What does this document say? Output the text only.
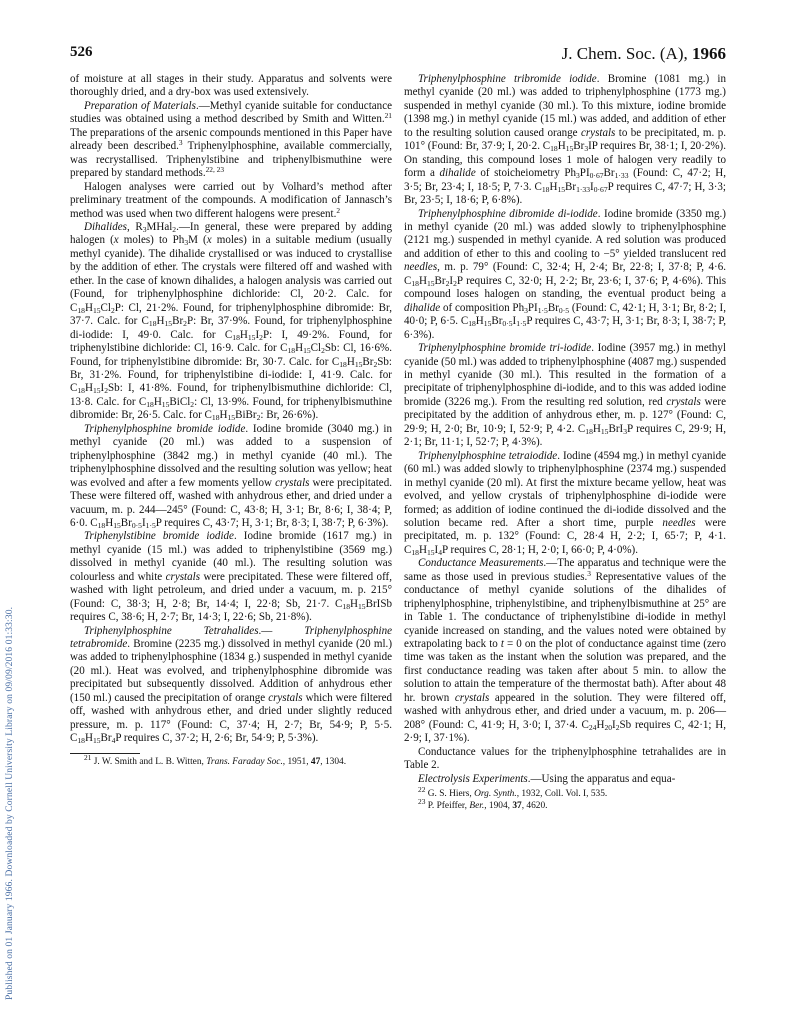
526	J. Chem. Soc. (A), 1966
Published on 01 January 1966. Downloaded by Cornell University Library on 09/09/2016 01:33:30.

of moisture at all stages in their study. Apparatus and solvents were thoroughly dried, and a dry-box was used extensively.

Preparation of Materials.—Methyl cyanide suitable for conductance studies was obtained using a method described by Smith and Witten.$^{21}$ The preparations of the arsenic compounds mentioned in this Paper have already been described.$^3$ Triphenylphosphine, available commercially, was recrystallised. Triphenylstibine and triphenylbismuthine were prepared by standard methods.$^{22, 23}$

Halogen analyses were carried out by Volhard’s method after preliminary treatment of the compounds. A modification of Jannasch’s method was used when two different halogens were present.$^2$

Dihalides, $R_3MHal_2.—In$ general, these were prepared by adding halogen (x moles) to $Ph_3M$ (x moles) in a suitable medium (usually methyl cyanide). The dihalide crystallised or was induced to crystallise by the addition of ether. The crystals were filtered off and washed with ether. In the case of known dihalides, a halogen analysis was carried out (Found, for triphenylphosphine dichloride: Cl, 20·2. Calc. for $C_{18}H_{15}Cl_2P$: Cl, 21·2%. Found, for triphenylphosphine dibromide: Br, 37·7. Calc. for $C_{18}H_{15}Br_2P$: Br, 37·9%. Found, for triphenylphosphine di-iodide: I, 49·0. Calc. for $C_{18}H_{15}I_2P$: I, 49·2%. Found, for triphenylstibine dichloride: Cl, 16·9. Calc. for $C_{18}H_{15}Cl_2Sb$: Cl, 16·6%. Found, for triphenylstibine dibromide: Br, 30·7. Calc. for $C_{18}H_{15}Br_2Sb$: Br, 31·2%. Found, for triphenylstibine di-iodide: I, 41·9. Calc. for $C_{18}H_{15}I_2Sb$: I, 41·8%. Found, for triphenylbismuthine dichloride: Cl, 13·8. Calc. for $C_{18}H_{15}BiCl_2$: Cl, 13·9%. Found, for triphenylbismuthine dibromide: Br, 26·5. Calc. for $C_{18}H_{15}BiBr_2$: Br, 26·6%).

Triphenylphosphine bromide iodide. Iodine bromide (3040 mg.) in methyl cyanide (20 ml.) was added to a suspension of triphenylphosphine (3842 mg.) in methyl cyanide (40 ml.). The triphenylphosphine dissolved and the resulting solution was yellow; heat was evolved and after a few moments yellow crystals were precipitated. These were filtered off, washed with anhydrous ether, and dried under a vacuum, m. p. 244—245° (Found: C, 43·8; H, 3·1; Br, 8·6; I, 38·4; P, 6·0. $C_{18}H_{15}Br_{0\cdot 5}I_{1\cdot 5}P$ requires C, 43·7; H, 3·1; Br, 8·3; I, 38·7; P, 6·3%).

Triphenylstibine bromide iodide. Iodine bromide (1617 mg.) in methyl cyanide (15 ml.) was added to triphenylstibine (3569 mg.) dissolved in methyl cyanide (40 ml.). The resulting solution was colourless and white crystals were precipitated. These were filtered off, washed with light petroleum, and dried under a vacuum, m. p. 215° (Found: C, 38·3; H, 2·8; Br, 14·4; I, 22·8; Sb, 21·7. $C_{18}H_{15}BrISb$ requires C, 38·6; H, 2·7; Br, 14·3; I, 22·6; Sb, 21·8%).

Triphenylphosphine Tetrahalides.— Triphenylphosphine tetrabromide. Bromine (2235 mg.) dissolved in methyl cyanide (20 ml.) was added to triphenylphosphine (1834 g.) suspended in methyl cyanide (20 ml.). Heat was evolved, and triphenylphosphine dibromide was precipitated but subsequently dissolved. Addition of anhydrous ether (150 ml.) caused the precipitation of orange crystals which were filtered off, washed with anhydrous ether, and dried under slightly reduced pressure, m. p. 117° (Found: C, 37·4; H, 2·7; Br, 54·9; P, 5·5. $C_{18}H_{15}Br_4P$ requires C, 37·2; H, 2·6; Br, 54·9; P, 5·3%).

$^{21}$ J. W. Smith and L. B. Witten, Trans. Faraday Soc., 1951, 47, 1304.

Triphenylphosphine tribromide iodide. Bromine (1081 mg.) in methyl cyanide (20 ml.) was added to triphenylphosphine (1773 mg.) suspended in methyl cyanide (30 ml.). To this mixture, iodine bromide (1398 mg.) in methyl cyanide (15 ml.) was added, and addition of ether to the resulting solution caused orange crystals to be precipitated, m. p. 101° (Found: Br, 37·9; I, 20·2. $C_{18}H_{15}Br_3IP$ requires Br, 38·1; I, 20·2%). On standing, this compound loses 1 mole of halogen very readily to form a dihalide of stoicheiometry $Ph_3PI_{0\cdot 67}Br_{1\cdot 33}$ (Found: C, 47·2; H, 3·5; Br, 23·4; I, 18·5; P, 7·3. $C_{18}H_{15}Br_{1\cdot 33}I_{0\cdot 67}P$ requires C, 47·7; H, 3·3; Br, 23·5; I, 18·6; P, 6·8%).

Triphenylphosphine dibromide di-iodide. Iodine bromide (3350 mg.) in methyl cyanide (20 ml.) was added slowly to triphenylphosphine (2121 mg.) suspended in methyl cyanide. A red solution was produced and addition of ether to this and cooling to −5° yielded translucent red needles, m. p. 79° (Found: C, 32·4; H, 2·4; Br, 22·8; I, 37·8; P, 4·6. $C_{18}H_{15}Br_2I_2P$ requires C, 32·0; H, 2·2; Br, 23·6; I, 37·6; P, 4·6%). This compound loses halogen on standing, the eventual product being a dihalide of composition $Ph_3PI_{1\cdot 5}Br_{0\cdot 5}$ (Found: C, 42·1; H, 3·1; Br, 8·2; I, 40·0; P, 6·5. $C_{18}H_{15}Br_{0\cdot 5}I_{1\cdot 5}P$ requires C, 43·7; H, 3·1; Br, 8·3; I, 38·7; P, 6·3%).

Triphenylphosphine bromide tri-iodide. Iodine (3957 mg.) in methyl cyanide (50 ml.) was added to triphenylphosphine (4087 mg.) suspended in methyl cyanide (30 ml.). This resulted in the formation of a precipitate of triphenylphosphine di-iodide, and to this was added iodine bromide (3226 mg.). From the resulting red solution, red crystals were precipitated by the addition of anhydrous ether, m. p. 127° (Found: C, 29·9; H, 2·0; Br, 10·9; I, 52·9; P, 4·2. $C_{18}H_{15}BrI_3P$ requires C, 29·9; H, 2·1; Br, 11·1; I, 52·7; P, 4·3%).

Triphenylphosphine tetraiodide. Iodine (4594 mg.) in methyl cyanide (60 ml.) was added slowly to triphenylphosphine (2374 mg.) suspended in methyl cyanide (20 ml). At first the mixture became yellow, heat was evolved, and yellow crystals of triphenylphosphine di-iodide were formed; as addition of iodine continued the di-iodide dissolved and the solution became red. After a short time, purple needles were precipitated, m. p. 132° (Found: C, 28·4 H, 2·2; I, 65·7; P, 4·1. $C_{18}H_{15}I_4P$ requires C, 28·1; H, 2·0; I, 66·0; P, 4·0%).

Conductance Measurements.—The apparatus and technique were the same as those used in previous studies.$^3$ Representative values of the conductance of methyl cyanide solutions of the dihalides of triphenylphosphine, triphenylstibine, and triphenylbismuthine at 25° are in Table 1. The conductance of triphenylstibine di-iodide in methyl cyanide increased on standing, and the values noted were obtained by extrapolating back to t = 0 on the plot of conductance against time (zero time was taken as the instant when the solution was prepared, and the first conductance reading was taken after about 5 min. to allow the solution to attain the temperature of the thermostat bath). After about 48 hr. brown crystals appeared in the solution. They were filtered off, washed with anhydrous ether, and dried under a vacuum, m. p. 206—208° (Found: C, 41·9; H, 3·0; I, 37·4. $C_{24}H_{20}I_2Sb$ requires C, 42·1; H, 2·9; I, 37·1%).

Conductance values for the triphenylphosphine tetrahalides are in Table 2.

Electrolysis Experiments.—Using the apparatus and equa-

$^{22}$ G. S. Hiers, Org. Synth., 1932, Coll. Vol. I, 535.

$^{23}$ P. Pfeiffer, Ber., 1904, 37, 4620.
